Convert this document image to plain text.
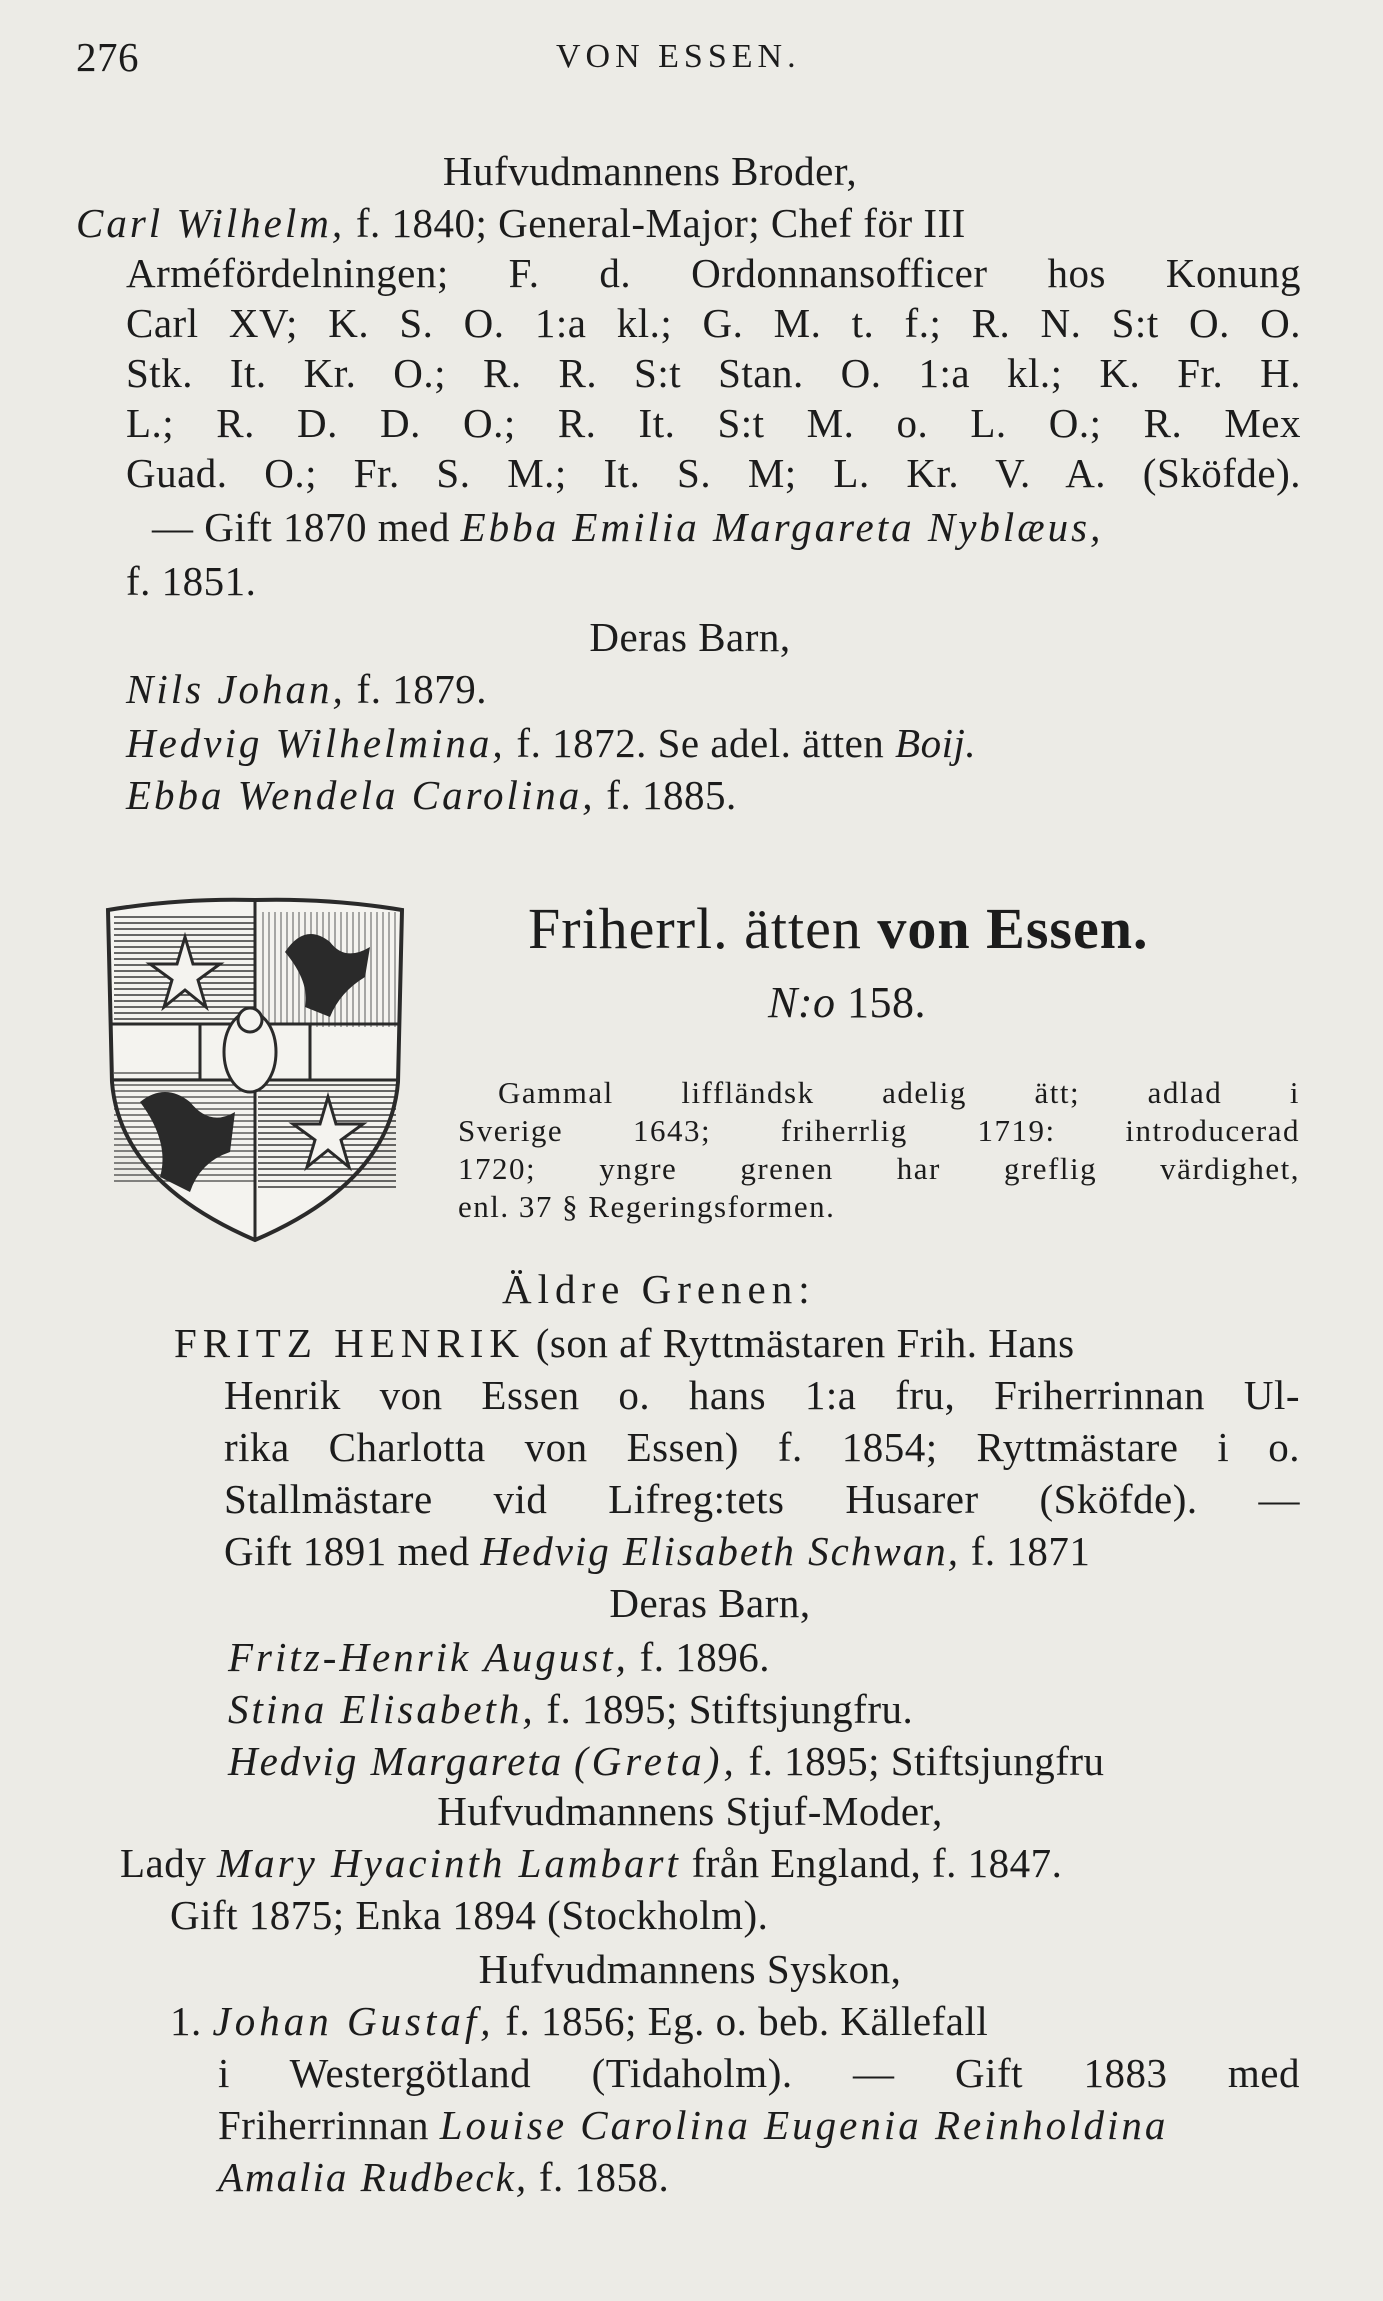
276	VON ESSEN.
Hufvudmannens Broder,
Carl Wilhelm, f. 1840; General-Major; Chef för III
Arméfördelningen; F. d. Ordonnansofficer hos Konung
Carl XV; K. S. O. 1:a kl.; G. M. t. f.; R. N. S:t O. O.
Stk. It. Kr. O.; R. R. S:t Stan. O. 1:a kl.; K. Fr. H.
L.; R. D. D. O.; R. It. S:t M. o. L. O.; R. Mex
Guad. O.; Fr. S. M.; It. S. M; L. Kr. V. A. (Sköfde).
— Gift 1870 med Ebba Emilia Margareta Nyblæus,
f. 1851.
Deras Barn,
Nils Johan, f. 1879.
Hedvig Wilhelmina, f. 1872. Se adel. ätten Boij.
Ebba Wendela Carolina, f. 1885.
Friherrl. ätten von Essen.
N:o 158.
Gammal liffländsk adelig ätt; adlad i
Sverige 1643; friherrlig 1719: introducerad
1720; yngre grenen har greflig värdighet,
enl. 37 § Regeringsformen.
Äldre Grenen:
FRITZ HENRIK (son af Ryttmästaren Frih. Hans
Henrik von Essen o. hans 1:a fru, Friherrinnan Ul-
rika Charlotta von Essen) f. 1854; Ryttmästare i o.
Stallmästare vid Lifreg:tets Husarer (Sköfde). —
Gift 1891 med Hedvig Elisabeth Schwan, f. 1871
Deras Barn,
Fritz-Henrik August, f. 1896.
Stina Elisabeth, f. 1895; Stiftsjungfru.
Hedvig Margareta (Greta), f. 1895; Stiftsjungfru
Hufvudmannens Stjuf-Moder,
Lady Mary Hyacinth Lambart från England, f. 1847.
Gift 1875; Enka 1894 (Stockholm).
Hufvudmannens Syskon,
1. Johan Gustaf, f. 1856; Eg. o. beb. Källefall
i Westergötland (Tidaholm). — Gift 1883 med
Friherrinnan Louise Carolina Eugenia Reinholdina
Amalia Rudbeck, f. 1858.
